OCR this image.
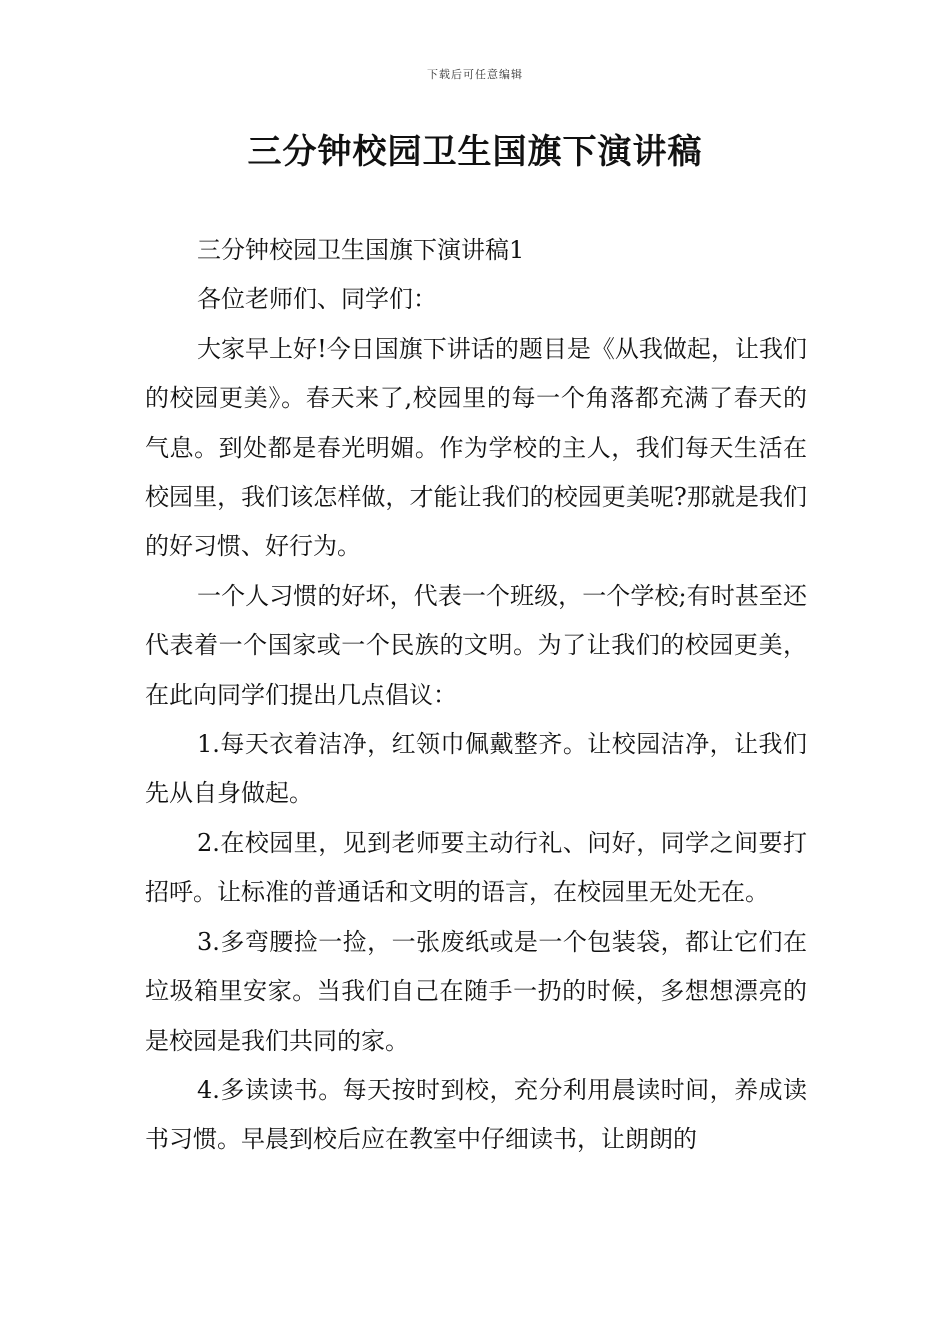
下载后可任意编辑
三分钟校园卫生国旗下演讲稿

三分钟校园卫生国旗下演讲稿1

各位老师们、同学们：

大家早上好!今日国旗下讲话的题目是《从我做起，让我们的校园更美》。春天来了,校园里的每一个角落都充满了春天的气息。到处都是春光明媚。作为学校的主人，我们每天生活在校园里，我们该怎样做，才能让我们的校园更美呢?那就是我们的好习惯、好行为。

一个人习惯的好坏，代表一个班级，一个学校;有时甚至还代表着一个国家或一个民族的文明。为了让我们的校园更美，在此向同学们提出几点倡议：

1.每天衣着洁净，红领巾佩戴整齐。让校园洁净，让我们先从自身做起。

2.在校园里，见到老师要主动行礼、问好，同学之间要打招呼。让标准的普通话和文明的语言，在校园里无处无在。

3.多弯腰捡一捡，一张废纸或是一个包装袋，都让它们在垃圾箱里安家。当我们自己在随手一扔的时候，多想想漂亮的是校园是我们共同的家。

4.多读读书。每天按时到校，充分利用晨读时间，养成读书习惯。早晨到校后应在教室中仔细读书，让朗朗的
